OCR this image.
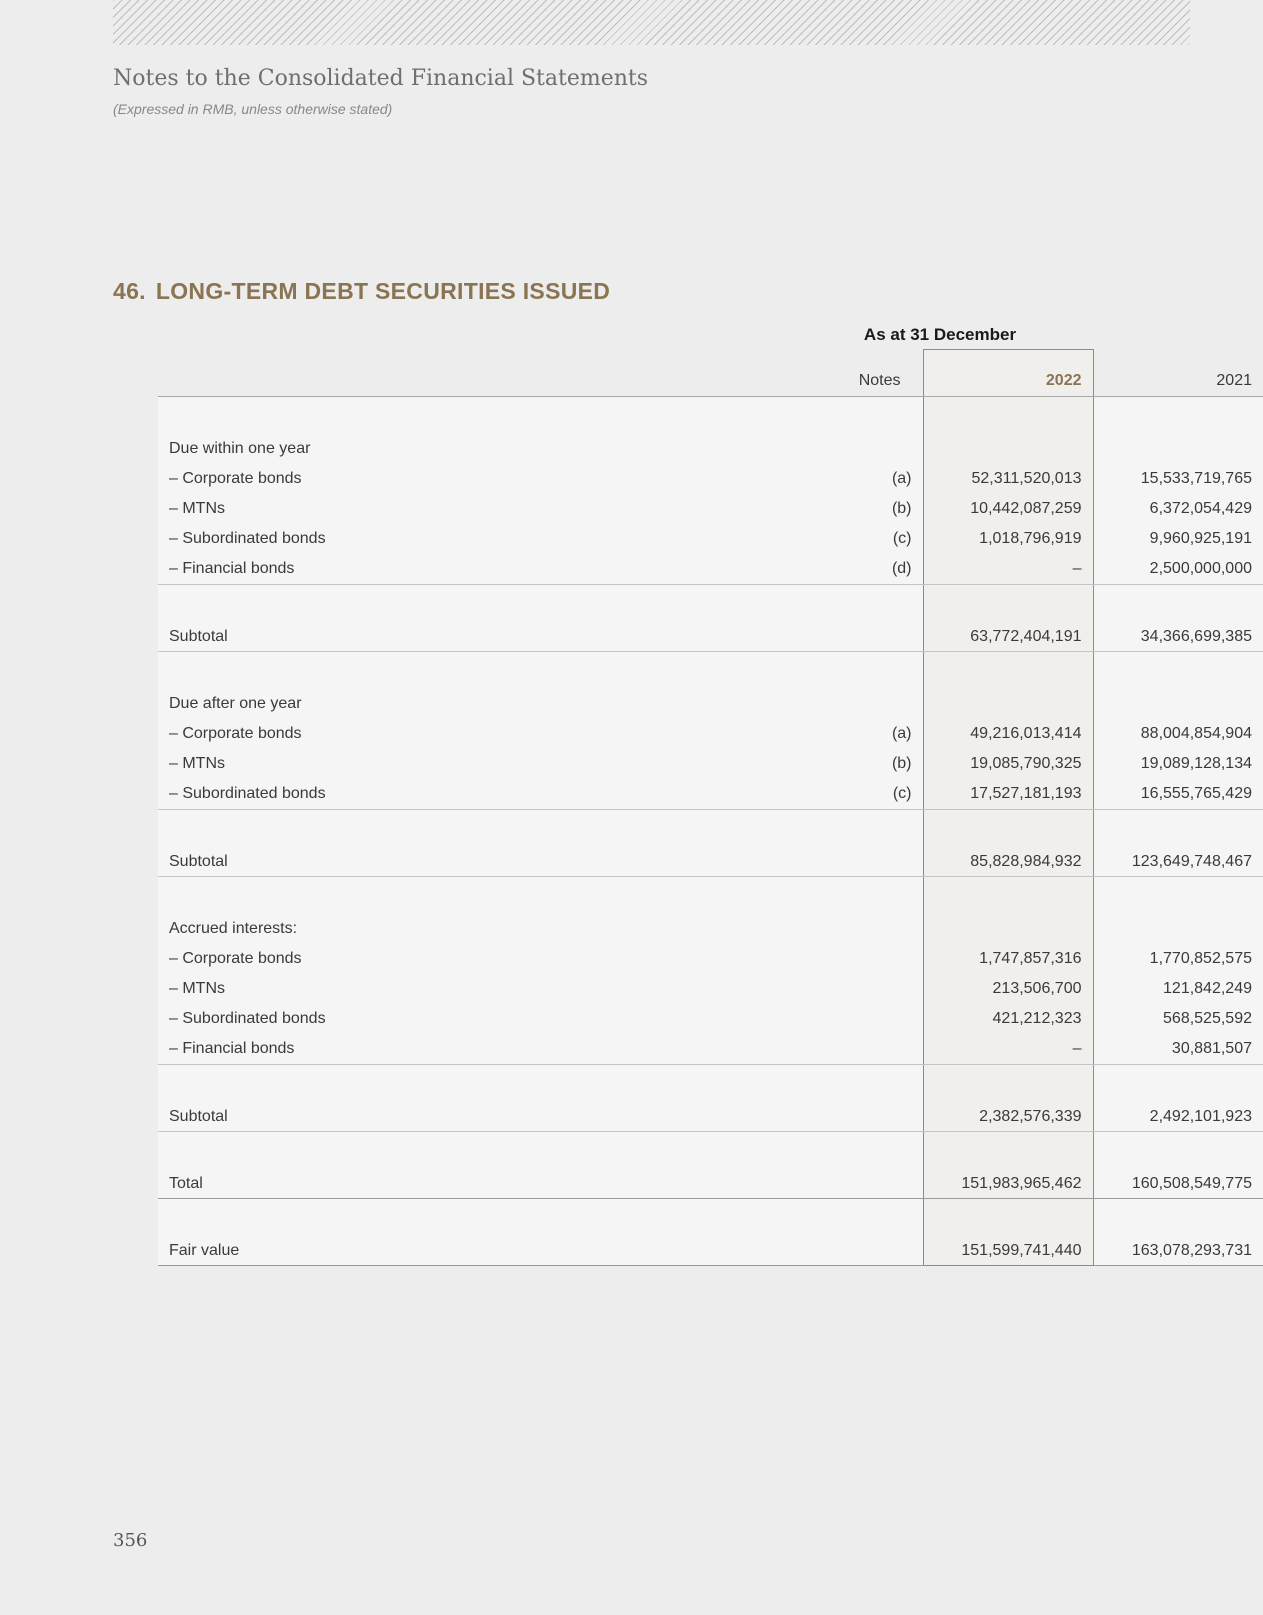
Notes to the Consolidated Financial Statements
(Expressed in RMB, unless otherwise stated)
46. LONG-TERM DEBT SECURITIES ISSUED
As at 31 December
	Notes	2022	2021

Due within one year			
– Corporate bonds	(a)	52,311,520,013	15,533,719,765
– MTNs	(b)	10,442,087,259	6,372,054,429
– Subordinated bonds	(c)	1,018,796,919	9,960,925,191
– Financial bonds	(d)	–	2,500,000,000

Subtotal		63,772,404,191	34,366,699,385

Due after one year			
– Corporate bonds	(a)	49,216,013,414	88,004,854,904
– MTNs	(b)	19,085,790,325	19,089,128,134
– Subordinated bonds	(c)	17,527,181,193	16,555,765,429

Subtotal		85,828,984,932	123,649,748,467

Accrued interests:			
– Corporate bonds		1,747,857,316	1,770,852,575
– MTNs		213,506,700	121,842,249
– Subordinated bonds		421,212,323	568,525,592
– Financial bonds		–	30,881,507

Subtotal		2,382,576,339	2,492,101,923

Total		151,983,965,462	160,508,549,775

Fair value		151,599,741,440	163,078,293,731
356
